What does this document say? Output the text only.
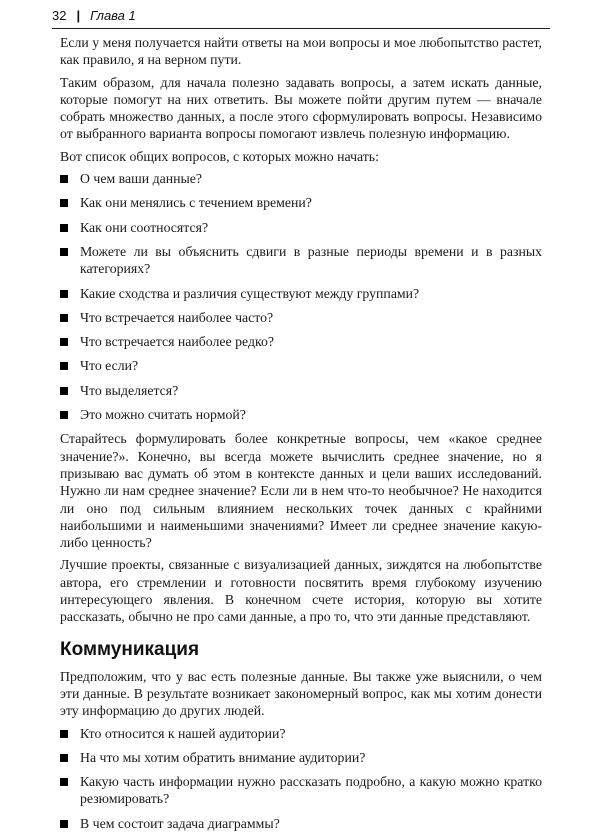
32 | Глава 1

Если у меня получается найти ответы на мои вопросы и мое любопытство растет, как правило, я на верном пути.

Таким образом, для начала полезно задавать вопросы, а затем искать данные, которые помогут на них ответить. Вы можете пойти другим путем — вначале собрать множество данных, а после этого сформулировать вопросы. Независимо от выбранного варианта вопросы помогают извлечь полезную информацию.

Вот список общих вопросов, с которых можно начать:

О чем ваши данные?
Как они менялись с течением времени?
Как они соотносятся?
Можете ли вы объяснить сдвиги в разные периоды времени и в разных категориях?
Какие сходства и различия существуют между группами?
Что встречается наиболее часто?
Что встречается наиболее редко?
Что если?
Что выделяется?
Это можно считать нормой?

Старайтесь формулировать более конкретные вопросы, чем «какое среднее значение?». Конечно, вы всегда можете вычислить среднее значение, но я призываю вас думать об этом в контексте данных и цели ваших исследований. Нужно ли нам среднее значение? Если ли в нем что-то необычное? Не находится ли оно под сильным влиянием нескольких точек данных с крайними наибольшими и наименьшими значениями? Имеет ли среднее значение какую-либо ценность?

Лучшие проекты, связанные с визуализацией данных, зиждятся на любопытстве автора, его стремлении и готовности посвятить время глубокому изучению интересующего явления. В конечном счете история, которую вы хотите рассказать, обычно не про сами данные, а про то, что эти данные представляют.

Коммуникация

Предположим, что у вас есть полезные данные. Вы также уже выяснили, о чем эти данные. В результате возникает закономерный вопрос, как мы хотим донести эту информацию до других людей.

Кто относится к нашей аудитории?
На что мы хотим обратить внимание аудитории?
Какую часть информации нужно рассказать подробно, а какую можно кратко резюмировать?
В чем состоит задача диаграммы?
